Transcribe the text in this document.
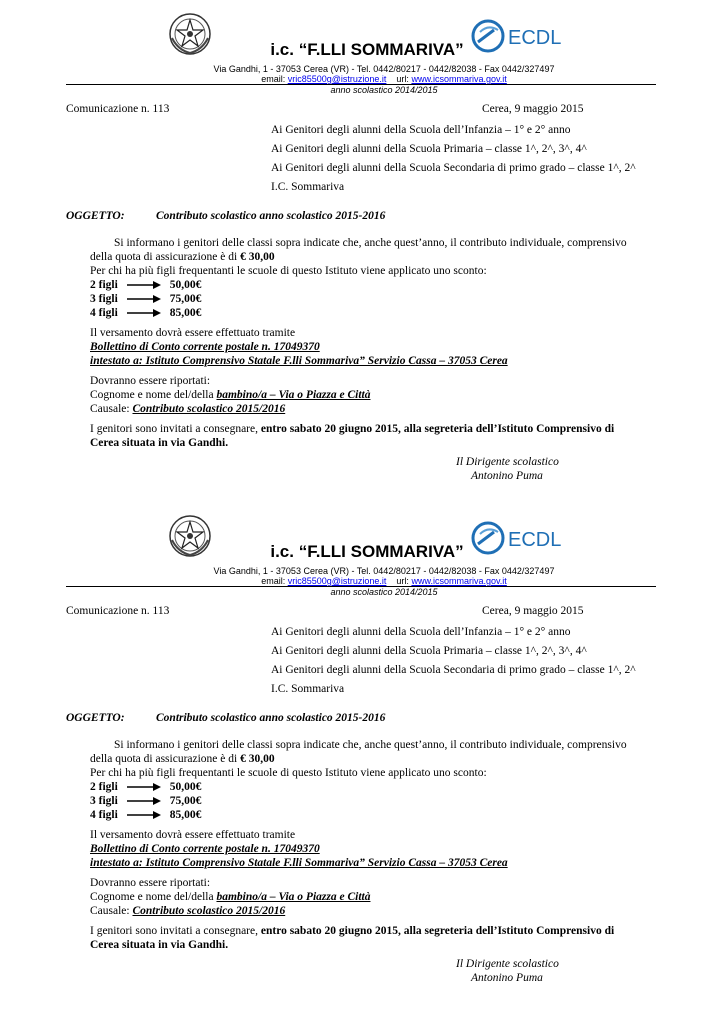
ECDL
i.c. “F.LLI SOMMARIVA”
Via Gandhi, 1 - 37053 Cerea (VR) - Tel. 0442/80217 - 0442/82038 - Fax 0442/327497
email: vric85500g@istruzione.it url: www.icsommariva.gov.it
anno scolastico 2014/2015
Comunicazione n. 113	Cerea, 9 maggio 2015
Ai Genitori degli alunni della Scuola dell’Infanzia – 1° e 2° anno
Ai Genitori degli alunni della Scuola Primaria – classe 1^, 2^, 3^, 4^
Ai Genitori degli alunni della Scuola Secondaria di primo grado – classe 1^, 2^
I.C. Sommariva
OGGETTO:	Contributo scolastico anno scolastico 2015-2016
Si informano i genitori delle classi sopra indicate che, anche quest’anno, il contributo individuale, comprensivo
della quota di assicurazione è di € 30,00
Per chi ha più figli frequentanti le scuole di questo Istituto viene applicato uno sconto:
2 figli	50,00€
3 figli	75,00€
4 figli	85,00€
Il versamento dovrà essere effettuato tramite
Bollettino di Conto corrente postale n. 17049370
intestato a: Istituto Comprensivo Statale F.lli Sommariva” Servizio Cassa – 37053 Cerea
Dovranno essere riportati:
Cognome e nome del/della bambino/a – Via o Piazza e Città
Causale: Contributo scolastico 2015/2016
I genitori sono invitati a consegnare, entro sabato 20 giugno 2015, alla segreteria dell’Istituto Comprensivo di
Cerea situata in via Gandhi.
Il Dirigente scolastico
Antonino Puma
ECDL
i.c. “F.LLI SOMMARIVA”
Via Gandhi, 1 - 37053 Cerea (VR) - Tel. 0442/80217 - 0442/82038 - Fax 0442/327497
email: vric85500g@istruzione.it url: www.icsommariva.gov.it
anno scolastico 2014/2015
Comunicazione n. 113	Cerea, 9 maggio 2015
Ai Genitori degli alunni della Scuola dell’Infanzia – 1° e 2° anno
Ai Genitori degli alunni della Scuola Primaria – classe 1^, 2^, 3^, 4^
Ai Genitori degli alunni della Scuola Secondaria di primo grado – classe 1^, 2^
I.C. Sommariva
OGGETTO:	Contributo scolastico anno scolastico 2015-2016
Si informano i genitori delle classi sopra indicate che, anche quest’anno, il contributo individuale, comprensivo
della quota di assicurazione è di € 30,00
Per chi ha più figli frequentanti le scuole di questo Istituto viene applicato uno sconto:
2 figli	50,00€
3 figli	75,00€
4 figli	85,00€
Il versamento dovrà essere effettuato tramite
Bollettino di Conto corrente postale n. 17049370
intestato a: Istituto Comprensivo Statale F.lli Sommariva” Servizio Cassa – 37053 Cerea
Dovranno essere riportati:
Cognome e nome del/della bambino/a – Via o Piazza e Città
Causale: Contributo scolastico 2015/2016
I genitori sono invitati a consegnare, entro sabato 20 giugno 2015, alla segreteria dell’Istituto Comprensivo di
Cerea situata in via Gandhi.
Il Dirigente scolastico
Antonino Puma
